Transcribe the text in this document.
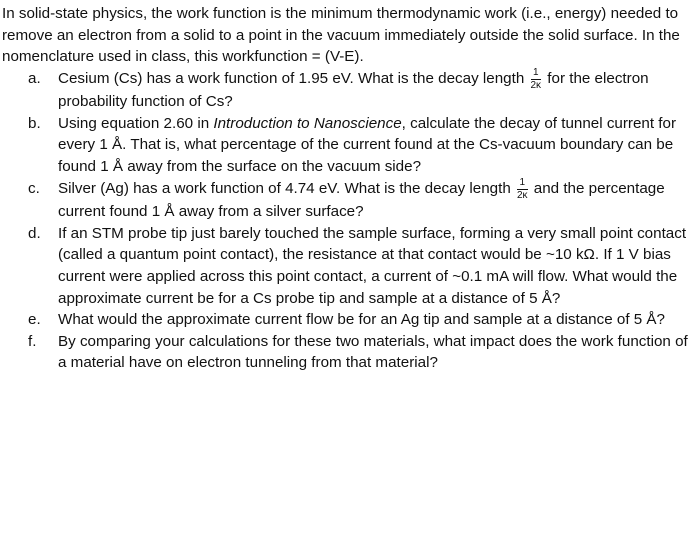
In solid-state physics, the work function is the minimum thermodynamic work (i.e., energy) needed to remove an electron from a solid to a point in the vacuum immediately outside the solid surface. In the nomenclature used in class, this workfunction = (V-E).

a.	Cesium (Cs) has a work function of 1.95 eV. What is the decay length $\frac{1}{2\kappa}$ for the electron probability function of Cs?
b.	Using equation 2.60 in Introduction to Nanoscience, calculate the decay of tunnel current for every 1 Å. That is, what percentage of the current found at the Cs-vacuum boundary can be found 1 Å away from the surface on the vacuum side?
c.	Silver (Ag) has a work function of 4.74 eV. What is the decay length $\frac{1}{2\kappa}$ and the percentage current found 1 Å away from a silver surface?
d.	If an STM probe tip just barely touched the sample surface, forming a very small point contact (called a quantum point contact), the resistance at that contact would be ~10 kΩ. If 1 V bias current were applied across this point contact, a current of ~0.1 mA will flow. What would the approximate current be for a Cs probe tip and sample at a distance of 5 Å?
e.	What would the approximate current flow be for an Ag tip and sample at a distance of 5 Å?
f.	By comparing your calculations for these two materials, what impact does the work function of a material have on electron tunneling from that material?
